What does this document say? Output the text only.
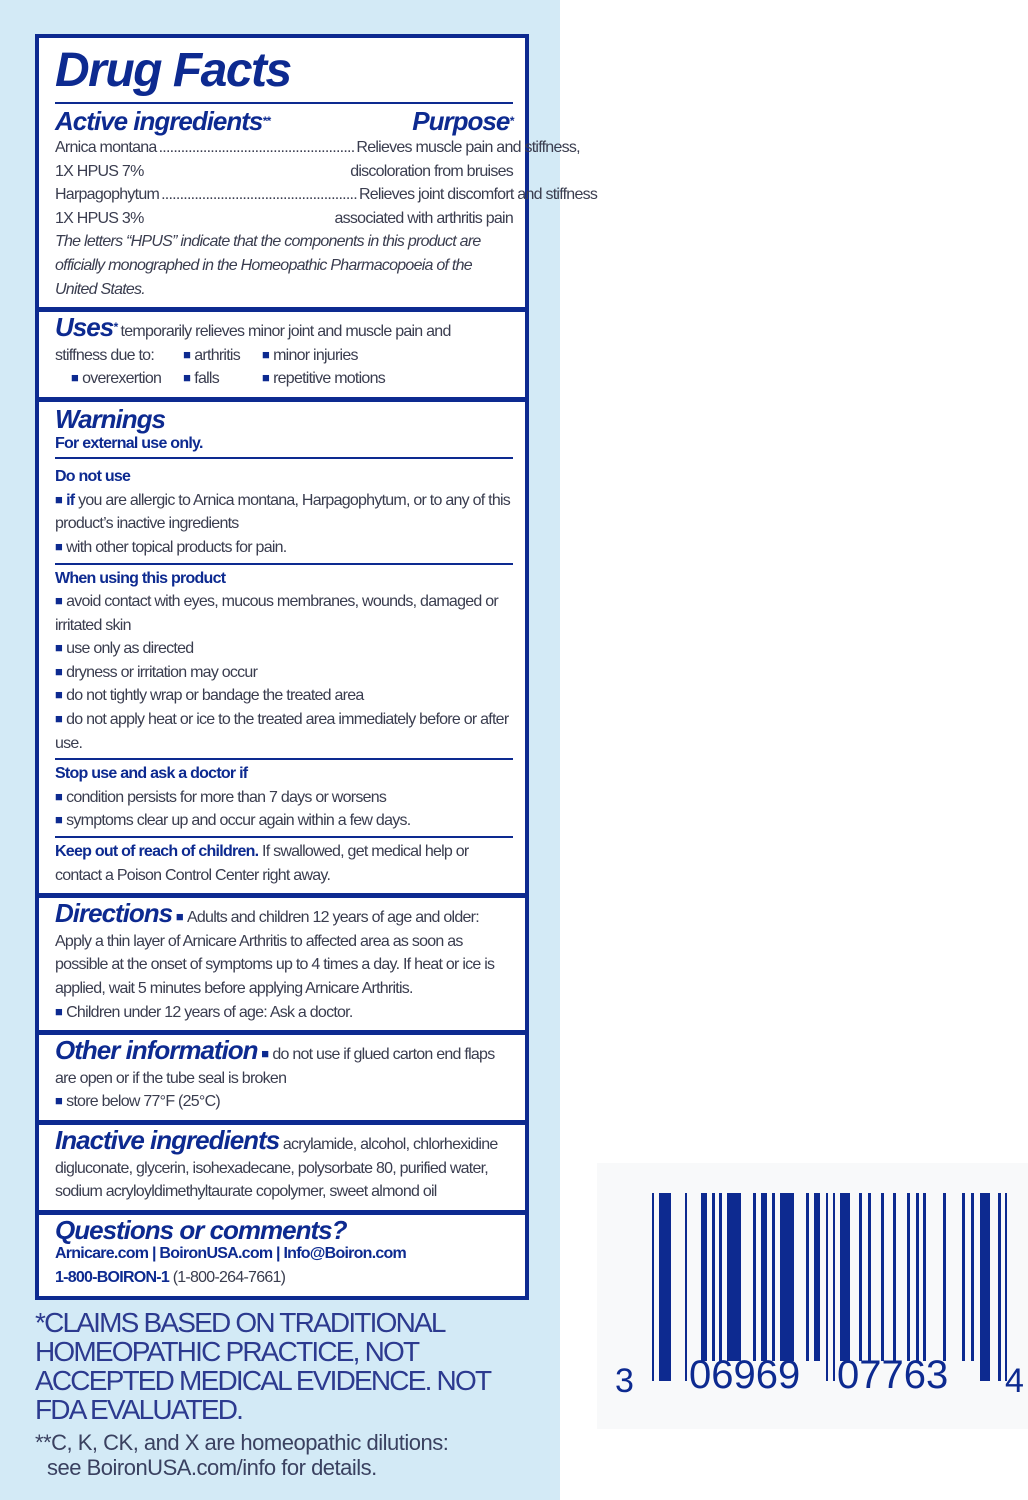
Drug Facts
Active ingredients**	Purpose*
Arnica montana ..................................................... Relieves muscle pain and stiffness,
1X HPUS 7%	discoloration from bruises
Harpagophytum ..................................................... Relieves joint discomfort and stiffness
1X HPUS 3%	associated with arthritis pain
The letters “HPUS” indicate that the components in this product are officially monographed in the Homeopathic Pharmacopoeia of the United States.
Uses* temporarily relieves minor joint and muscle pain and
stiffness due to:	■ arthritis	■ minor injuries
■ overexertion	■ falls	■ repetitive motions
Warnings
For external use only.
Do not use
■ if you are allergic to Arnica montana, Harpagophytum, or to any of this product’s inactive ingredients
■ with other topical products for pain.
When using this product
■ avoid contact with eyes, mucous membranes, wounds, damaged or irritated skin
■ use only as directed
■ dryness or irritation may occur
■ do not tightly wrap or bandage the treated area
■ do not apply heat or ice to the treated area immediately before or after use.
Stop use and ask a doctor if
■ condition persists for more than 7 days or worsens
■ symptoms clear up and occur again within a few days.
Keep out of reach of children. If swallowed, get medical help or contact a Poison Control Center right away.
Directions ■ Adults and children 12 years of age and older: Apply a thin layer of Arnicare Arthritis to affected area as soon as possible at the onset of symptoms up to 4 times a day. If heat or ice is applied, wait 5 minutes before applying Arnicare Arthritis.
■ Children under 12 years of age: Ask a doctor.
Other information ■ do not use if glued carton end flaps are open or if the tube seal is broken
■ store below 77°F (25°C)
Inactive ingredients acrylamide, alcohol, chlorhexidine digluconate, glycerin, isohexadecane, polysorbate 80, purified water, sodium acryloyldimethyltaurate copolymer, sweet almond oil
Questions or comments?
Arnicare.com | BoironUSA.com | Info@Boiron.com
1-800-BOIRON-1 (1-800-264-7661)
*CLAIMS BASED ON TRADITIONAL HOMEOPATHIC PRACTICE, NOT ACCEPTED MEDICAL EVIDENCE. NOT FDA EVALUATED.
**C, K, CK, and X are homeopathic dilutions:
see BoironUSA.com/info for details.
3 06969 07763 4
